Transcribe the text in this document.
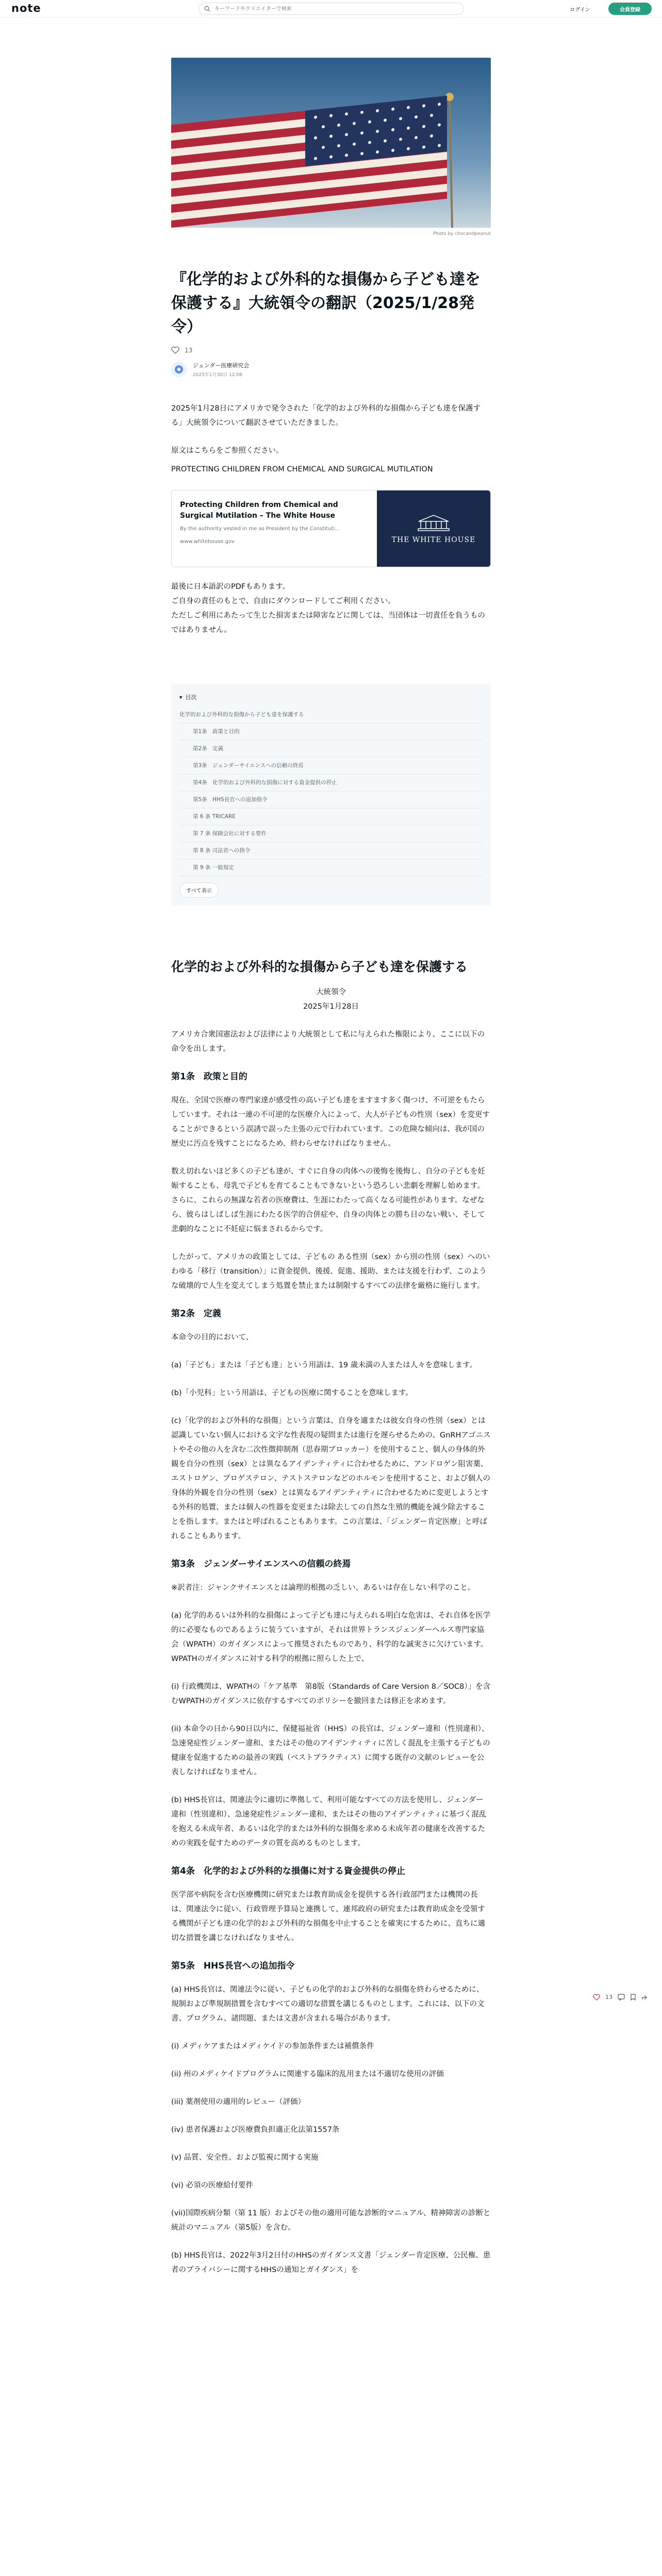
note
キーワードやクリエイターで検索	ログイン	会員登録
Photo by chocandpeanut
『化学的および外科的な損傷から子ども達を保護する』大統領令の翻訳（2025/1/28発令）
13
ジェンダー医療研究会
2025年1月30日 12:08

2025年1月28日にアメリカで発令された「化学的および外科的な損傷から子ども達を保護する」大統領令について翻訳させていただきました。

原文はこちらをご参照ください。

PROTECTING CHILDREN FROM CHEMICAL AND SURGICAL MUTILATION

Protecting Children from Chemical and Surgical Mutilation – The White House
By the authority vested in me as President by the Constituti...
www.whitehouse.gov	THE WHITE HOUSE

最後に日本語訳のPDFもあります。

ご自身の責任のもとで、自由にダウンロードしてご利用ください。

ただしご利用にあたって生じた損害または障害などに関しては、当団体は一切責任を負うものではありません。

▾ 目次
化学的および外科的な損傷から子ども達を保護する
第1条　政策と目的
第2条　定義
第3条　ジェンダーサイエンスへの信頼の終焉
第4条　化学的および外科的な損傷に対する資金提供の停止
第5条　HHS長官への追加指令
第 6 条 TRICARE
第 7 条 保険会社に対する要件
第 8 条 司法省への指令
第 9 条 一般規定
すべて表示
化学的および外科的な損傷から子ども達を保護する
大統領令
2025年1月28日

アメリカ合衆国憲法および法律により大統領として私に与えられた権限により、ここに以下の命令を出します。

第1条　政策と目的

現在、全国で医療の専門家達が感受性の高い子ども達をますます多く傷つけ、不可逆をもたらしています。それは一連の不可逆的な医療介入によって、大人が子どもの性別（sex）を変更することができるという誤誘で誤った主張の元で行われています。この危険な傾向は、我が国の歴史に汚点を残すことになるため、終わらせなければなりません。

数え切れないほど多くの子ども達が、すぐに自身の肉体への後悔を後悔し、自分の子どもを妊娠することも、母乳で子どもを育てることもできないという恐ろしい悲劇を理解し始めます。さらに、これらの無謀な若者の医療費は、生涯にわたって高くなる可能性があります。なぜなら、彼らはしばしば生涯にわたる医学的合併症や、自身の肉体との勝ち目のない戦い、そして悲劇的なことに不妊症に悩まされるからです。

したがって、アメリカの政策としては、子どもの ある性別（sex）から別の性別（sex）へのいわゆる「移行（transition）」に資金提供、後援、促進、援助、または支援を行わず、このような破壊的で人生を変えてしまう処置を禁止または制限するすべての法律を厳格に施行します。

第2条　定義

本命令の目的において、

(a)「子ども」または「子ども達」という用語は、19 歳未満の人または人々を意味します。

(b)「小児科」という用語は、子どもの医療に関することを意味します。

(c)「化学的および外科的な損傷」という言葉は、自身を適または彼女自身の性別（sex）とは認識していない個人における文字な性表現の疑問または進行を遅らせるための、GnRHアゴニストやその他の入を含む二次性徴抑制剤（思春期ブロッカー）を使用すること、個人の身体的外観を自分の性別（sex）とは異なるアイデンティティに合わせるために、アンドロゲン阻害薬、エストロゲン、プロゲステロン、テストステロンなどのホルモンを使用すること、および個人の身体的外観を自分の性別（sex）とは異なるアイデンティティに合わせるために変更しようとする外科的処置、または個人の性器を変更または除去しての自然な生殖的機能を減少除去することを指します。またはと呼ばれることもあります。この言葉は、「ジェンダー肯定医療」と呼ばれることもあります。

第3条　ジェンダーサイエンスへの信頼の終焉

※訳者注：ジャンクサイエンスとは論理的根拠の乏しい、あるいは存在しない科学のこと。

(a) 化学的あるいは外科的な損傷によって子ども達に与えられる明白な危害は、それ自体を医学的に必要なものであるように装うていますが、それは世界トランスジェンダーヘルス専門家協会（WPATH）のガイダンスによって推奨されたものであり、科学的な誠実さに欠けています。WPATHのガイダンスに対する科学的根拠に照らした上で、

(i) 行政機関は、WPATHの「ケア基準　第8版（Standards of Care Version 8／SOC8）」を含むWPATHのガイダンスに依存するすべてのポリシーを撤回または修正を求めます。

(ii) 本命令の日から90日以内に、保健福祉省（HHS）の長官は、ジェンダー違和（性別違和）、急速発症性ジェンダー違和、またはその他のアイデンティティに苦しく混乱を主張する子どもの健康を促進するための最善の実践（ベストプラクティス）に関する既存の文献のレビューを公表しなければなりません。

(b) HHS長官は、関連法令に適切に準拠して、利用可能なすべての方法を使用し、ジェンダー違和（性別違和）、急速発症性ジェンダー違和、またはその他のアイデンティティに基づく混乱を抱える未成年者、あるいは化学的または外科的な損傷を求める未成年者の健康を改善するための実践を促すためのデータの質を高めるものとします。

第4条　化学的および外科的な損傷に対する資金提供の停止

医学部や病院を含む医療機関に研究または教育助成金を提供する各行政部門または機関の長は、関連法令に従い、行政管理予算局と連携して、連邦政府の研究または教育助成金を受領する機関が子ども達の化学的および外科的な損傷を中止することを確実にするために、直ちに適切な措置を講じなければなりません。

第5条　HHS長官への追加指令

(a) HHS長官は、関連法令に従い、子どもの化学的および外科的な損傷を終わらせるために、規制および準規制措置を含むすべての適切な措置を講じるものとします。これには、以下の文書、プログラム、諸問題、または文書が含まれる場合があります。

(i) メディケアまたはメディケイドの参加条件または補償条件

(ii) 州のメディケイドプログラムに関連する臨床的乱用または不適切な使用の評価

(iii) 薬剤使用の適用的レビュー（評価）

(iv) 患者保護および医療費負担適正化法第1557条

(v) 品質、安全性、および監視に関する実施

(vi) 必須の医療給付要件

(vii)国際疾病分類（第 11 版）およびその他の適用可能な診断的マニュアル、精神障害の診断と統計のマニュアル（第5版）を含む。

(b) HHS長官は、2022年3月2日付のHHSのガイダンス文書「ジェンダー肯定医療、公民権、患者のプライバシーに関するHHSの通知とガイダンス」を

13
